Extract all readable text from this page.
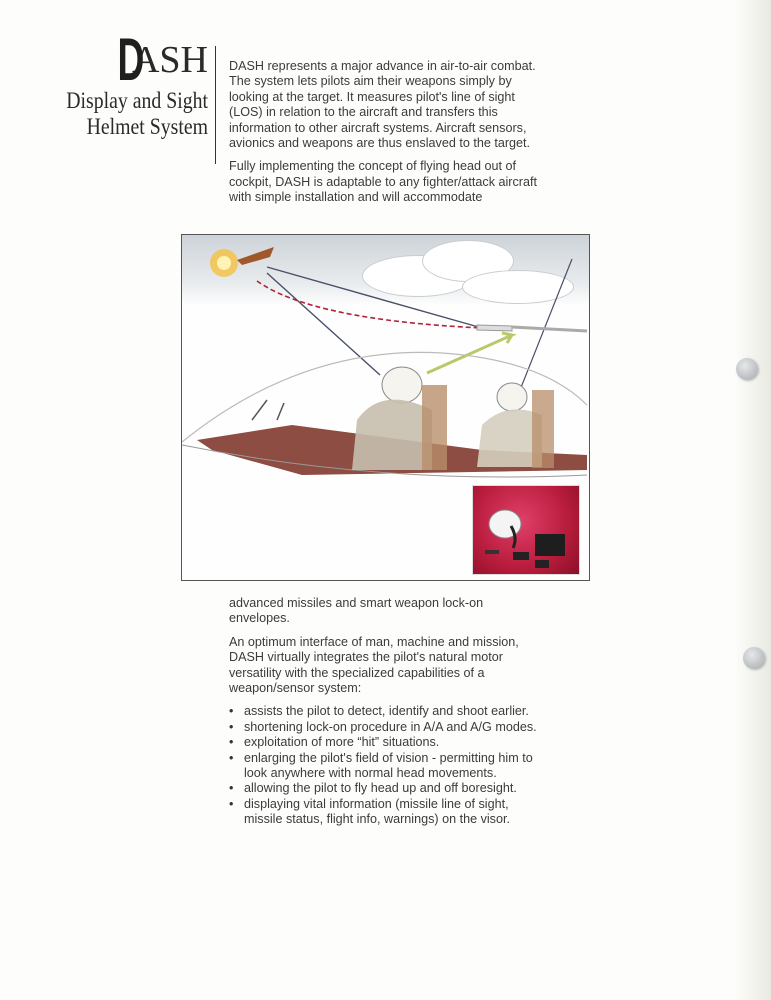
DASH
Display and Sight
Helmet System

DASH represents a major advance in air-to-air combat.

The system lets pilots aim their weapons simply by looking at the target. It measures pilot's line of sight (LOS) in relation to the aircraft and transfers this information to other aircraft systems. Aircraft sensors, avionics and weapons are thus enslaved to the target.

Fully implementing the concept of flying head out of cockpit, DASH is adaptable to any fighter/attack aircraft with simple installation and will accommodate

advanced missiles and smart weapon lock-on envelopes.

An optimum interface of man, machine and mission, DASH virtually integrates the pilot's natural motor versatility with the specialized capabilities of a weapon/sensor system:

• assists the pilot to detect, identify and shoot earlier.
• shortening lock-on procedure in A/A and A/G modes.
• exploitation of more “hit” situations.
• enlarging the pilot's field of vision - permitting him to look anywhere with normal head movements.
• allowing the pilot to fly head up and off boresight.
• displaying vital information (missile line of sight, missile status, flight info, warnings) on the visor.
